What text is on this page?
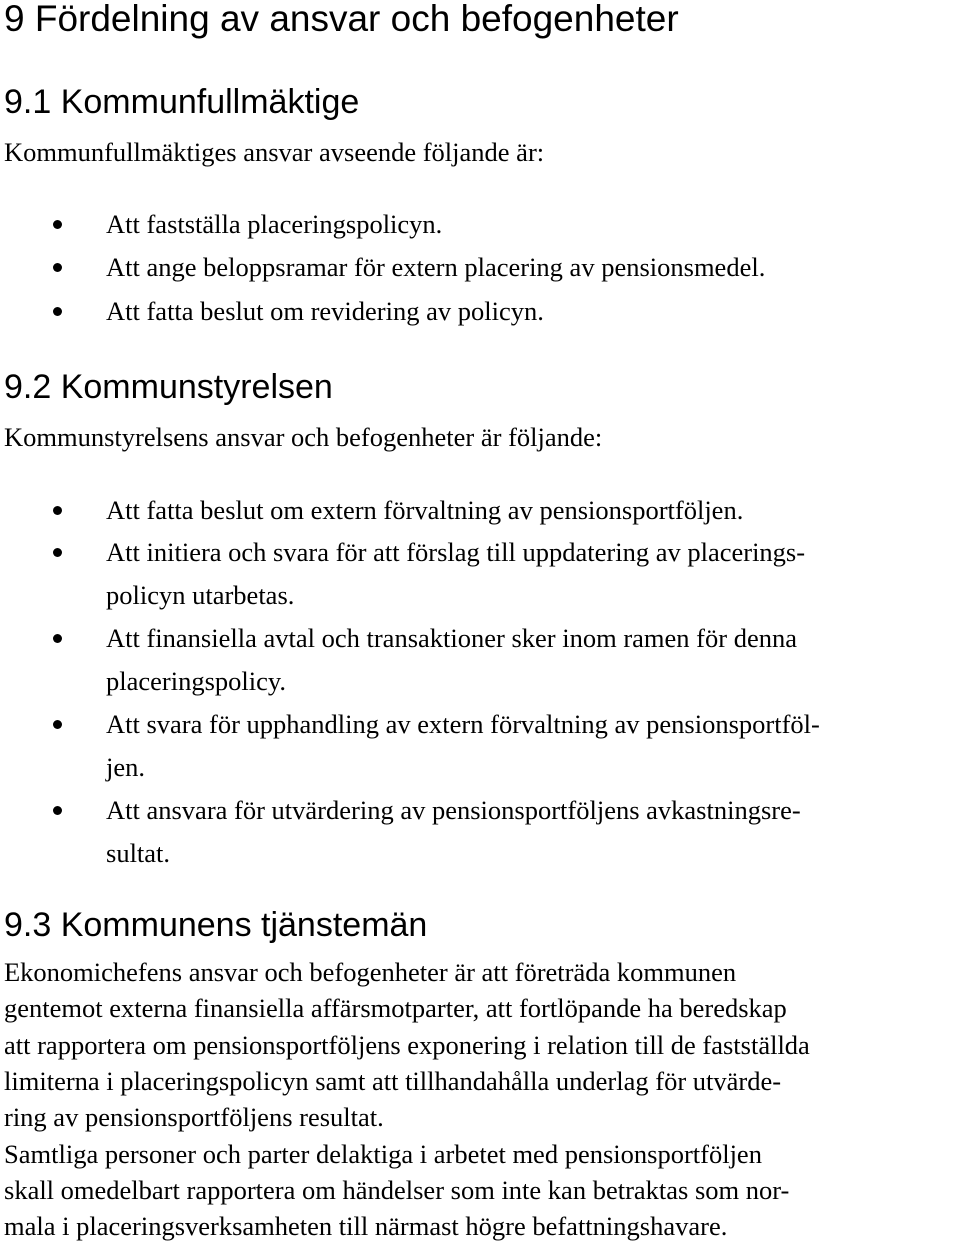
9 Fördelning av ansvar och befogenheter
9.1 Kommunfullmäktige

Kommunfullmäktiges ansvar avseende följande är:

Att fastställa placeringspolicyn.

Att ange beloppsramar för extern placering av pensionsmedel.

Att fatta beslut om revidering av policyn.

9.2 Kommunstyrelsen

Kommunstyrelsens ansvar och befogenheter är följande:

Att fatta beslut om extern förvaltning av pensionsportföljen.

Att initiera och svara för att förslag till uppdatering av placerings-

policyn utarbetas.

Att finansiella avtal och transaktioner sker inom ramen för denna

placeringspolicy.

Att svara för upphandling av extern förvaltning av pensionsportföl-

jen.

Att ansvara för utvärdering av pensionsportföljens avkastningsre-

sultat.

9.3 Kommunens tjänstemän

Ekonomichefens ansvar och befogenheter är att företräda kommunen

gentemot externa finansiella affärsmotparter, att fortlöpande ha beredskap

att rapportera om pensionsportföljens exponering i relation till de fastställda

limiterna i placeringspolicyn samt att tillhandahålla underlag för utvärde-

ring av pensionsportföljens resultat.

Samtliga personer och parter delaktiga i arbetet med pensionsportföljen

skall omedelbart rapportera om händelser som inte kan betraktas som nor-

mala i placeringsverksamheten till närmast högre befattningshavare.
